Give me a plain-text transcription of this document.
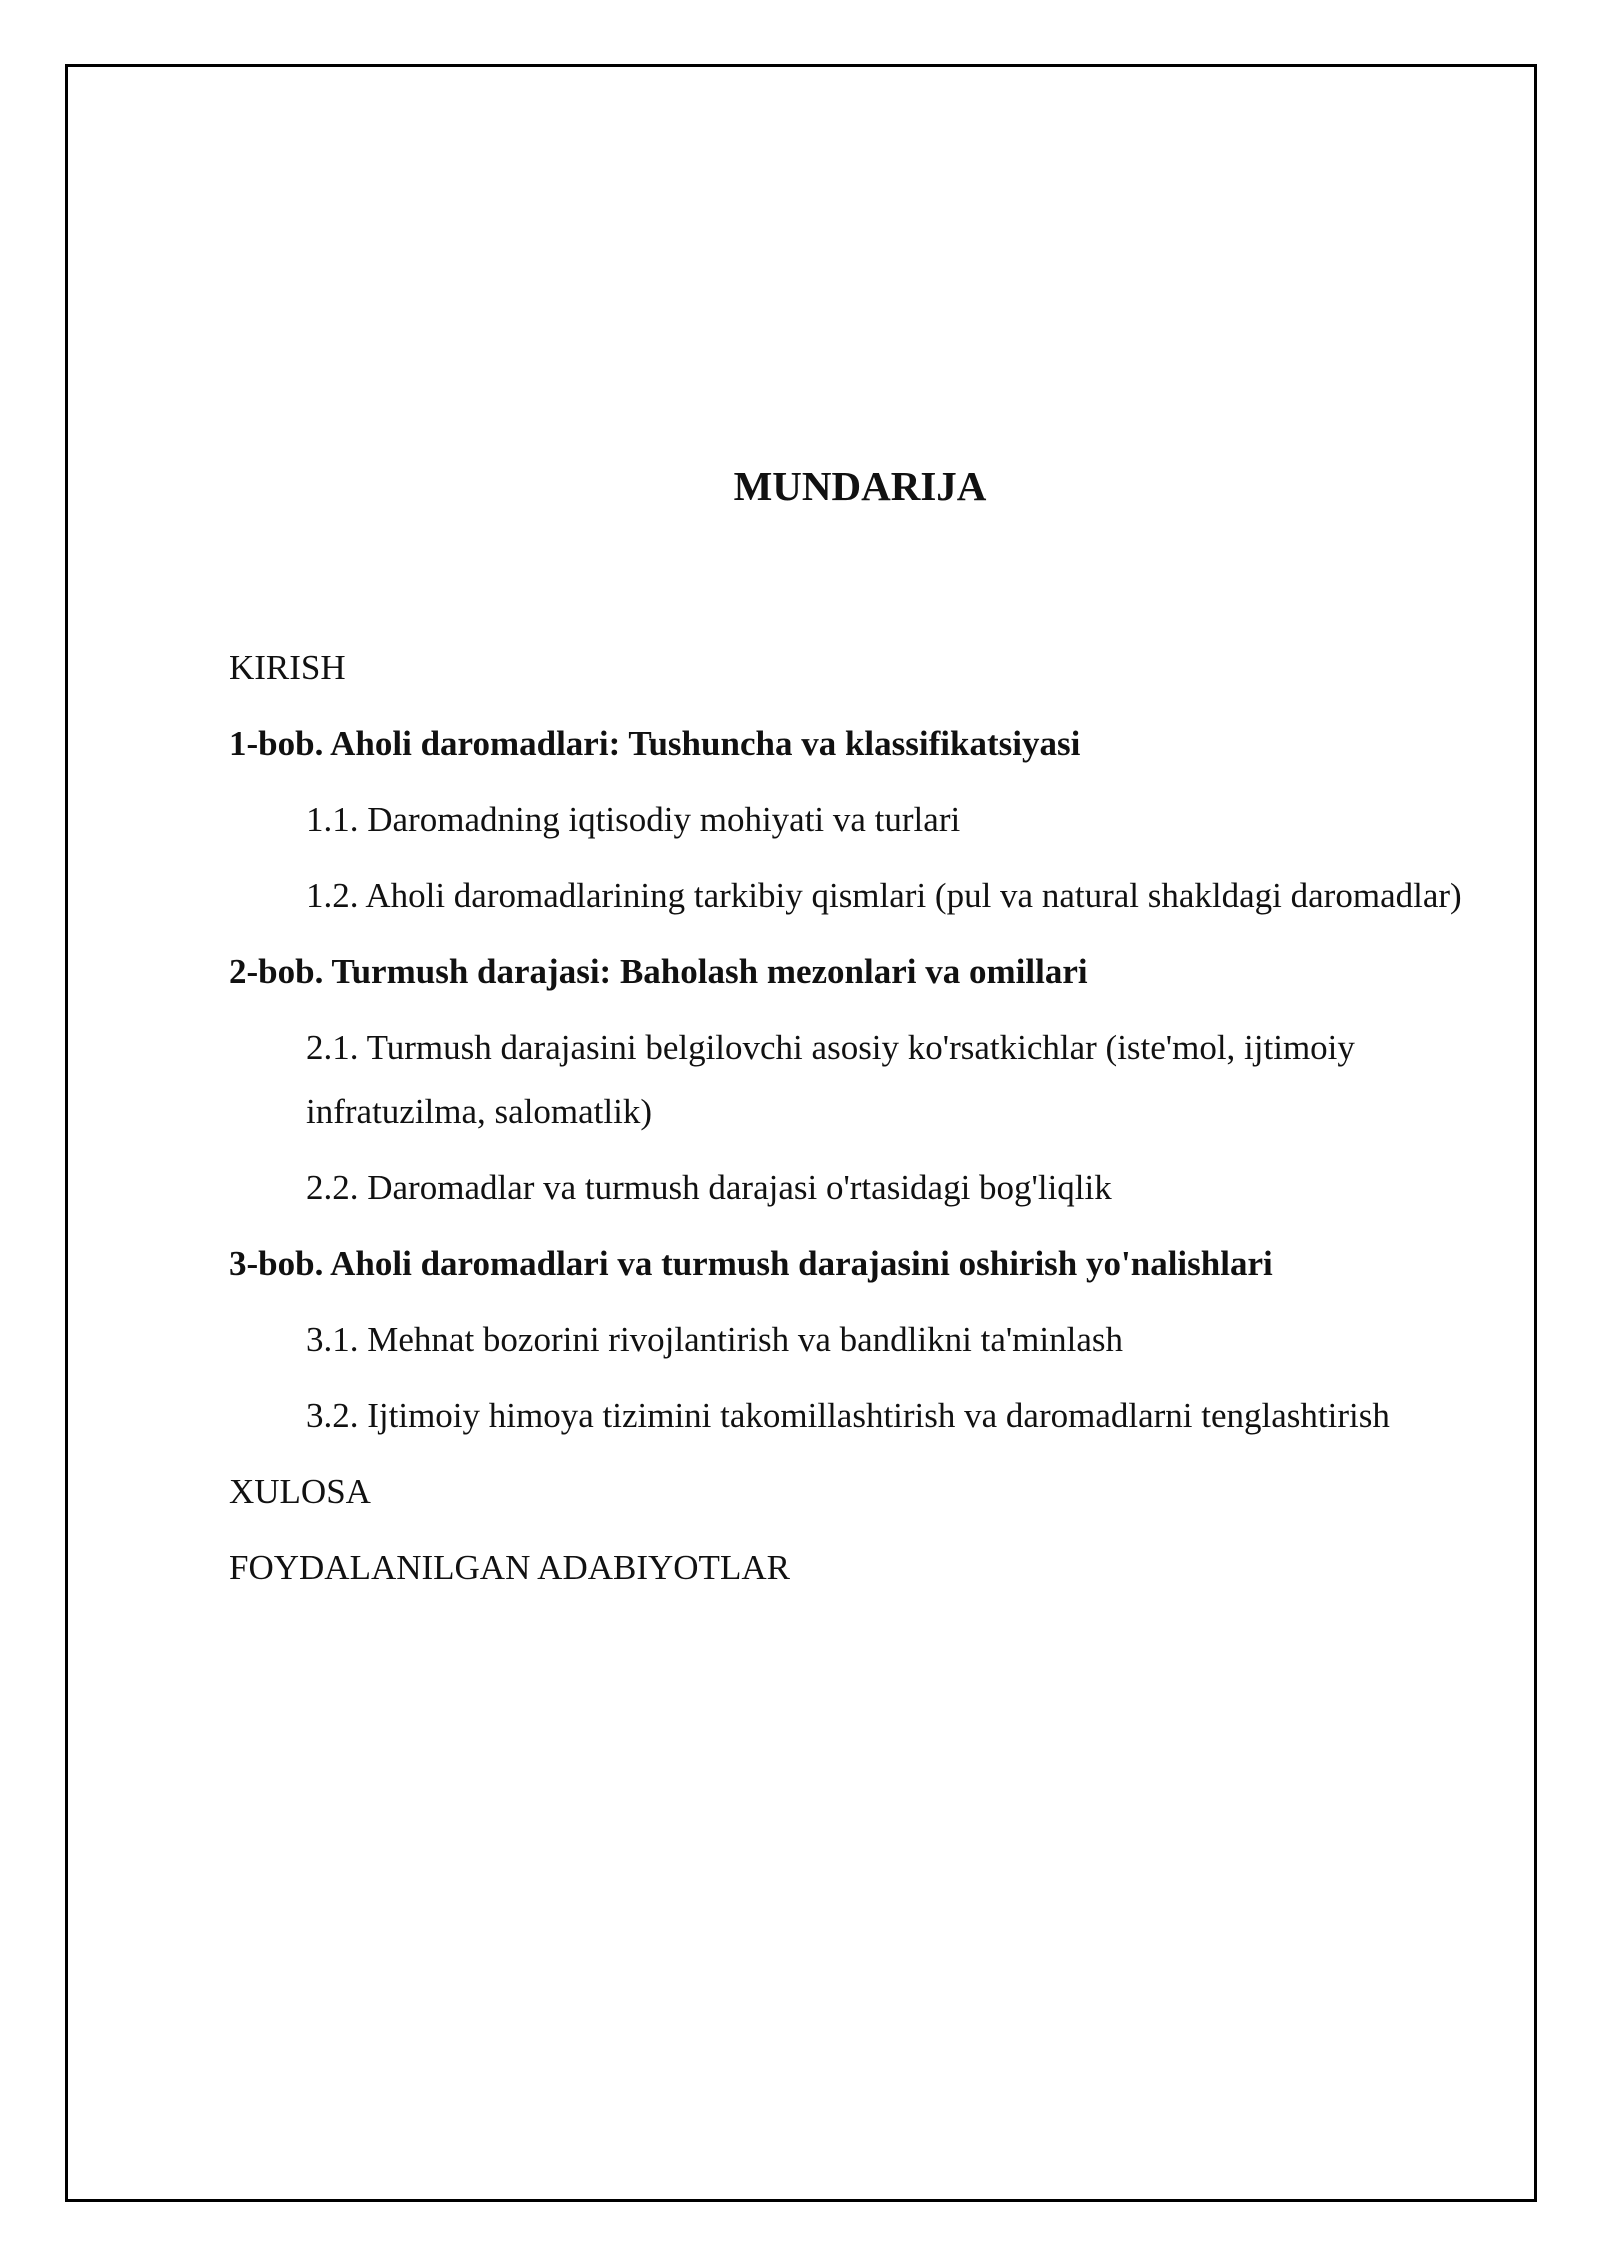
MUNDARIJA
KIRISH
1-bob. Aholi daromadlari: Tushuncha va klassifikatsiyasi
1.1. Daromadning iqtisodiy mohiyati va turlari
1.2. Aholi daromadlarining tarkibiy qismlari (pul va natural shakldagi daromadlar)
2-bob. Turmush darajasi: Baholash mezonlari va omillari
2.1. Turmush darajasini belgilovchi asosiy ko'rsatkichlar (iste'mol, ijtimoiy infratuzilma, salomatlik)
2.2. Daromadlar va turmush darajasi o'rtasidagi bog'liqlik
3-bob. Aholi daromadlari va turmush darajasini oshirish yo'nalishlari
3.1. Mehnat bozorini rivojlantirish va bandlikni ta'minlash
3.2. Ijtimoiy himoya tizimini takomillashtirish va daromadlarni tenglashtirish
XULOSA
FOYDALANILGAN ADABIYOTLAR
